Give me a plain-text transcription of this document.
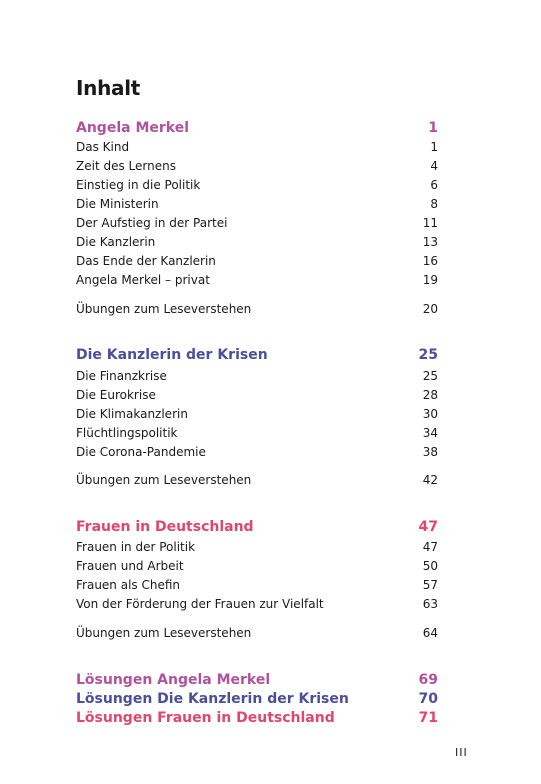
Inhalt
Angela Merkel	1
Das Kind	1
Zeit des Lernens	4
Einstieg in die Politik	6
Die Ministerin	8
Der Aufstieg in der Partei	11
Die Kanzlerin	13
Das Ende der Kanzlerin	16
Angela Merkel – privat	19
Übungen zum Leseverstehen	20
Die Kanzlerin der Krisen	25
Die Finanzkrise	25
Die Eurokrise	28
Die Klimakanzlerin	30
Flüchtlingspolitik	34
Die Corona-Pandemie	38
Übungen zum Leseverstehen	42
Frauen in Deutschland	47
Frauen in der Politik	47
Frauen und Arbeit	50
Frauen als Chefin	57
Von der Förderung der Frauen zur Vielfalt	63
Übungen zum Leseverstehen	64
Lösungen Angela Merkel	69
Lösungen Die Kanzlerin der Krisen	70
Lösungen Frauen in Deutschland	71
III
